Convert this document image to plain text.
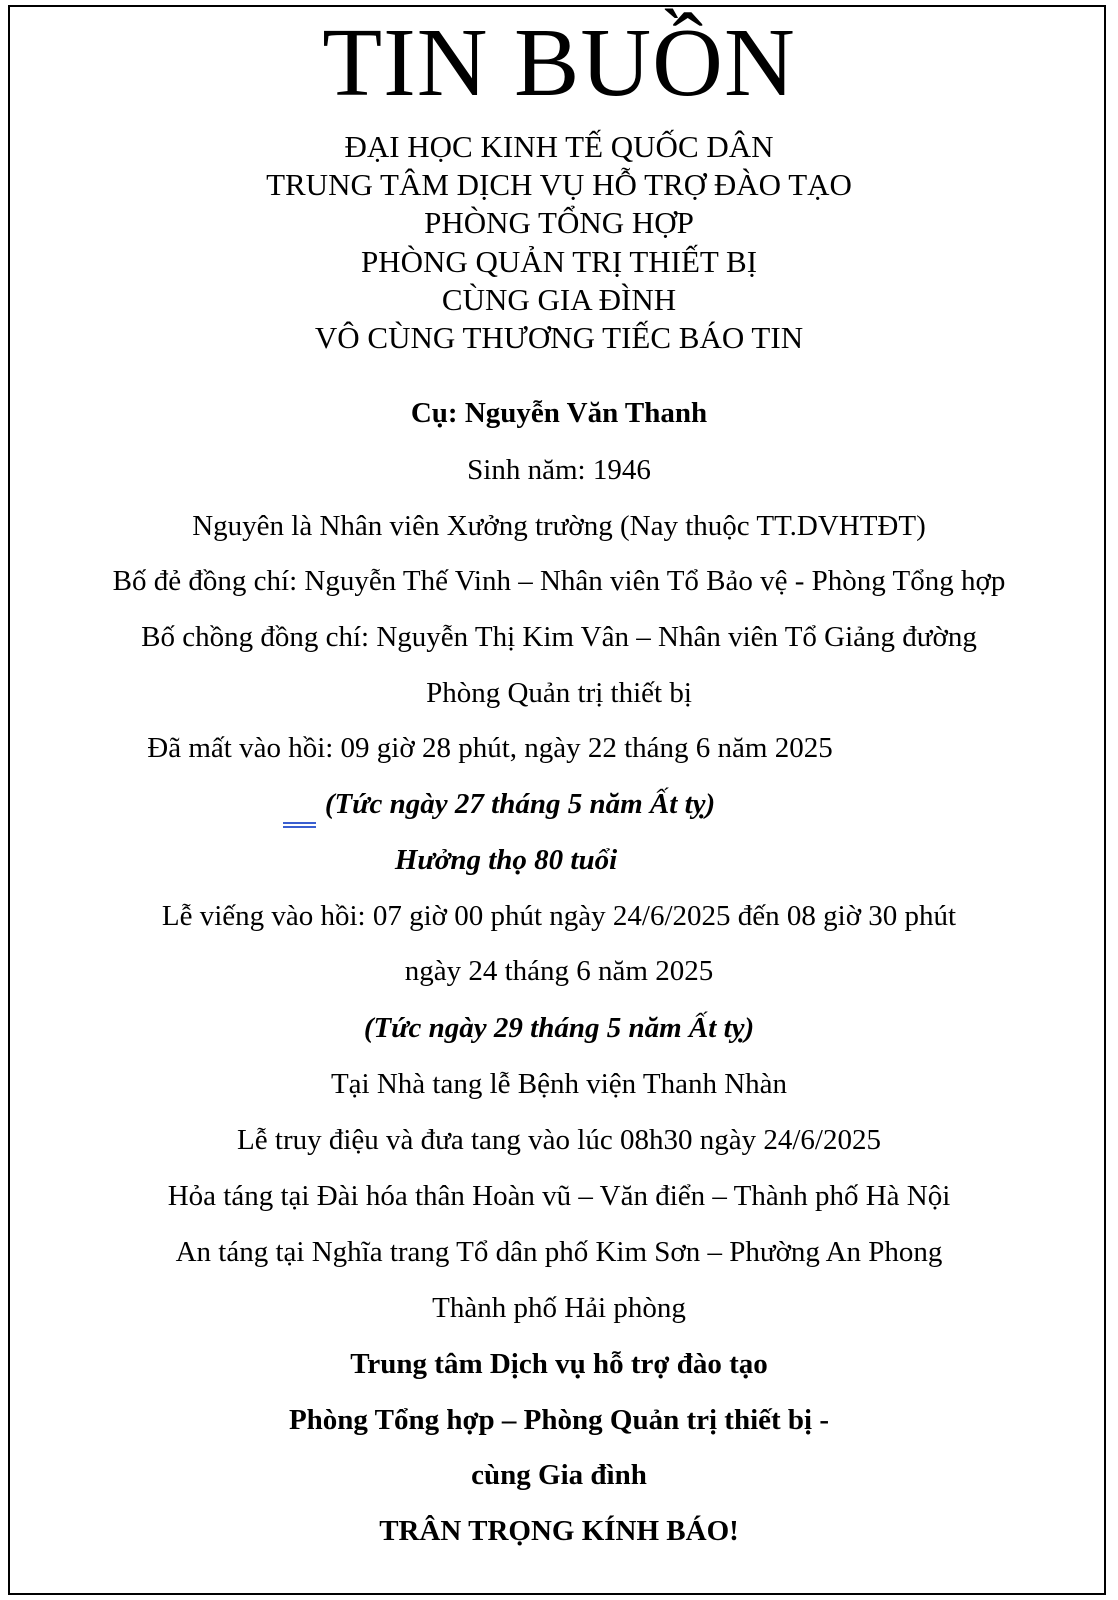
TIN BUỒN
ĐẠI HỌC KINH TẾ QUỐC DÂN
TRUNG TÂM DỊCH VỤ HỖ TRỢ ĐÀO TẠO
PHÒNG TỔNG HỢP
PHÒNG QUẢN TRỊ THIẾT BỊ
CÙNG GIA ĐÌNH
VÔ CÙNG THƯƠNG TIẾC BÁO TIN
Cụ: Nguyễn Văn Thanh
Sinh năm: 1946
Nguyên là Nhân viên Xưởng trường (Nay thuộc TT.DVHTĐT)
Bố đẻ đồng chí: Nguyễn Thế Vinh – Nhân viên Tổ Bảo vệ - Phòng Tổng hợp
Bố chồng đồng chí: Nguyễn Thị Kim Vân – Nhân viên Tổ Giảng đường
Phòng Quản trị thiết bị
Đã mất vào hồi: 09 giờ 28 phút, ngày 22 tháng 6 năm 2025
(Tức ngày 27 tháng 5 năm Ất tỵ)
Hưởng thọ 80 tuổi
Lễ viếng vào hồi: 07 giờ 00 phút ngày 24/6/2025 đến 08 giờ 30 phút
ngày 24 tháng 6 năm 2025
(Tức ngày 29 tháng 5 năm Ất tỵ)
Tại Nhà tang lễ Bệnh viện Thanh Nhàn
Lễ truy điệu và đưa tang vào lúc 08h30 ngày 24/6/2025
Hỏa táng tại Đài hóa thân Hoàn vũ – Văn điển – Thành phố Hà Nội
An táng tại Nghĩa trang Tổ dân phố Kim Sơn – Phường An Phong
Thành phố Hải phòng
Trung tâm Dịch vụ hỗ trợ đào tạo
Phòng Tổng hợp – Phòng Quản trị thiết bị -
cùng Gia đình
TRÂN TRỌNG KÍNH BÁO!
